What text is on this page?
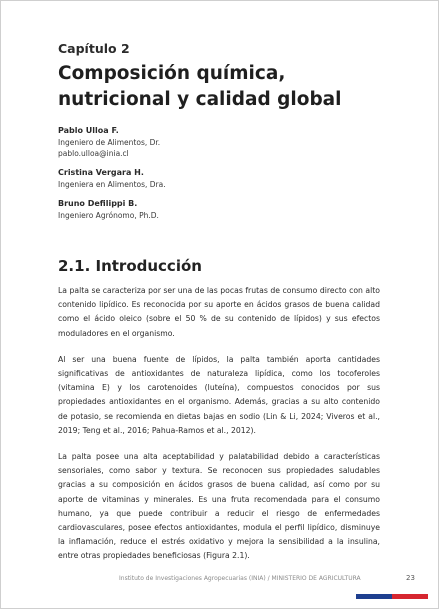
Capítulo 2
Composición química, nutricional y calidad global
Pablo Ulloa F.
Ingeniero de Alimentos, Dr.
pablo.ulloa@inia.cl
Cristina Vergara H.
Ingeniera en Alimentos, Dra.
Bruno Defilippi B.
Ingeniero Agrónomo, Ph.D.
2.1. Introducción

La palta se caracteriza por ser una de las pocas frutas de consumo directo con alto contenido lipídico. Es reconocida por su aporte en ácidos grasos de buena calidad como el ácido oleico (sobre el 50 % de su contenido de lípidos) y sus efectos moduladores en el organismo.

Al ser una buena fuente de lípidos, la palta también aporta cantidades significativas de antioxidantes de naturaleza lipídica, como los tocoferoles (vitamina E) y los carotenoides (luteína), compuestos conocidos por sus propiedades antioxidantes en el organismo. Además, gracias a su alto contenido de potasio, se recomienda en dietas bajas en sodio (Lin & Li, 2024; Viveros et al., 2019; Teng et al., 2016; Pahua-Ramos et al., 2012).

La palta posee una alta aceptabilidad y palatabilidad debido a características sensoriales, como sabor y textura. Se reconocen sus propiedades saludables gracias a su composición en ácidos grasos de buena calidad, así como por su aporte de vitaminas y minerales. Es una fruta recomendada para el consumo humano, ya que puede contribuir a reducir el riesgo de enfermedades cardiovasculares, posee efectos antioxidantes, modula el perfil lipídico, disminuye la inflamación, reduce el estrés oxidativo y mejora la sensibilidad a la insulina, entre otras propiedades beneficiosas (Figura 2.1).

Instituto de Investigaciones Agropecuarias (INIA) / MINISTERIO DE AGRICULTURA	23
